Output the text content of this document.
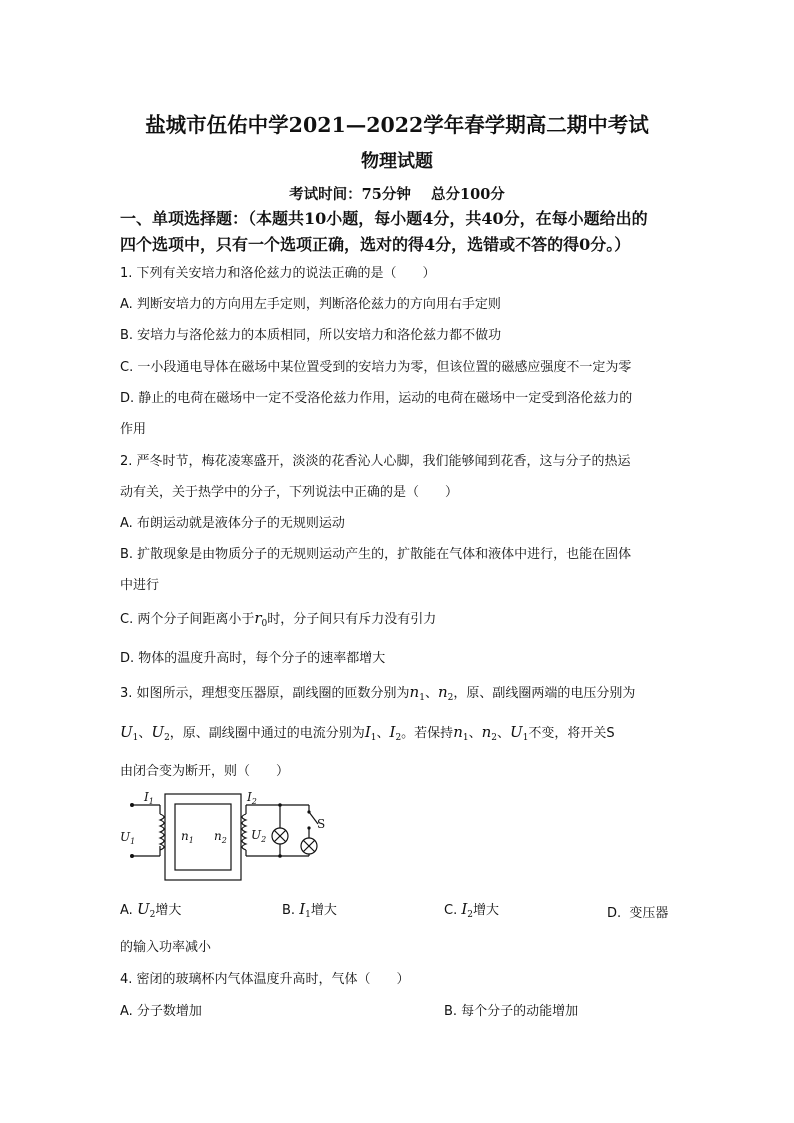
盐城市伍佑中学2021—2022学年春学期高二期中考试
物理试题
考试时间：75分钟    总分100分
一、单项选择题：（本题共10小题，每小题4分，共40分，在每小题给出的
四个选项中，只有一个选项正确，选对的得4分，选错或不答的得0分。）
1. 下列有关安培力和洛伦兹力的说法正确的是（　　）
A. 判断安培力的方向用左手定则，判断洛伦兹力的方向用右手定则
B. 安培力与洛伦兹力的本质相同，所以安培力和洛伦兹力都不做功
C. 一小段通电导体在磁场中某位置受到的安培力为零，但该位置的磁感应强度不一定为零
D. 静止的电荷在磁场中一定不受洛伦兹力作用，运动的电荷在磁场中一定受到洛伦兹力的
作用
2. 严冬时节，梅花凌寒盛开，淡淡的花香沁人心脚，我们能够闻到花香，这与分子的热运
动有关，关于热学中的分子，下列说法中正确的是（　　）
A. 布朗运动就是液体分子的无规则运动
B. 扩散现象是由物质分子的无规则运动产生的，扩散能在气体和液体中进行，也能在固体
中进行
C. 两个分子间距离小于$r_0$时，分子间只有斥力没有引力
D. 物体的温度升高时，每个分子的速率都增大
3. 如图所示，理想变压器原，副线圈的匝数分别为$n_1$、$n_2$，原、副线圈两端的电压分别为
$U_1$、$U_2$，原、副线圈中通过的电流分别为$I_1$、$I_2$。若保持$n_1$、$n_2$、$U_1$不变，将开关S
由闭合变为断开，则（　　）
$I_1$
$U_1$	$n_1$ $n_2$
$I_2$
$U_2$
S
A. $U_2$增大	B. $I_1$增大	C. $I_2$增大	D.  变压器
的输入功率减小
4. 密闭的玻璃杯内气体温度升高时，气体（　　）
A. 分子数增加	B. 每个分子的动能增加
